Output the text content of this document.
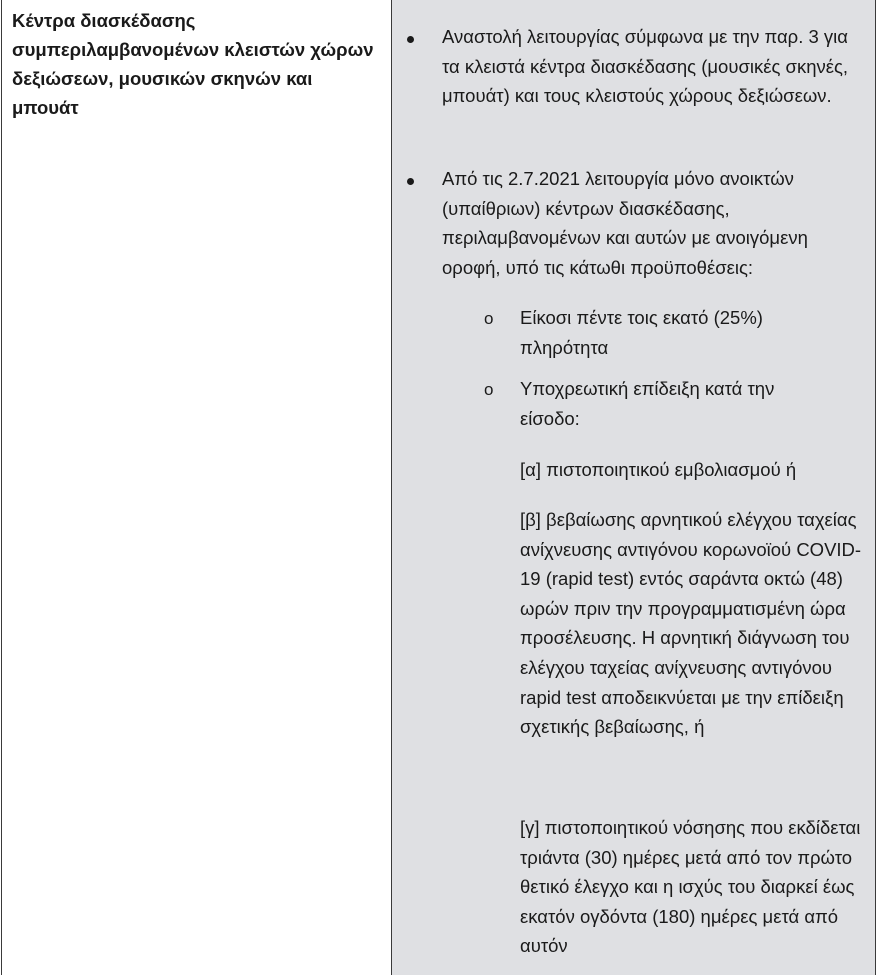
Κέντρα διασκέδασης συμπεριλαμβανομένων κλειστών χώρων δεξιώσεων, μουσικών σκηνών και μπουάτ

Αναστολή λειτουργίας σύμφωνα με την παρ. 3 για τα κλειστά κέντρα διασκέδασης (μουσικές σκηνές, μπουάτ) και τους κλειστούς χώρους δεξιώσεων.

Από τις 2.7.2021 λειτουργία μόνο ανοικτών (υπαίθριων) κέντρων διασκέδασης, περιλαμβανομένων και αυτών με ανοιγόμενη οροφή, υπό τις κάτωθι προϋποθέσεις:

o Είκοσι πέντε τοις εκατό (25%) πληρότητα

o Υποχρεωτική επίδειξη κατά την είσοδο:

[α] πιστοποιητικού εμβολιασμού ή

[β] βεβαίωσης αρνητικού ελέγχου ταχείας ανίχνευσης αντιγόνου κορωνοϊού COVID-19 (rapid test) εντός σαράντα οκτώ (48) ωρών πριν την προγραμματισμένη ώρα προσέλευσης. Η αρνητική διάγνωση του ελέγχου ταχείας ανίχνευσης αντιγόνου rapid test αποδεικνύεται με την επίδειξη σχετικής βεβαίωσης, ή

[γ] πιστοποιητικού νόσησης που εκδίδεται τριάντα (30) ημέρες μετά από τον πρώτο θετικό έλεγχο και η ισχύς του διαρκεί έως εκατόν ογδόντα (180) ημέρες μετά από αυτόν
